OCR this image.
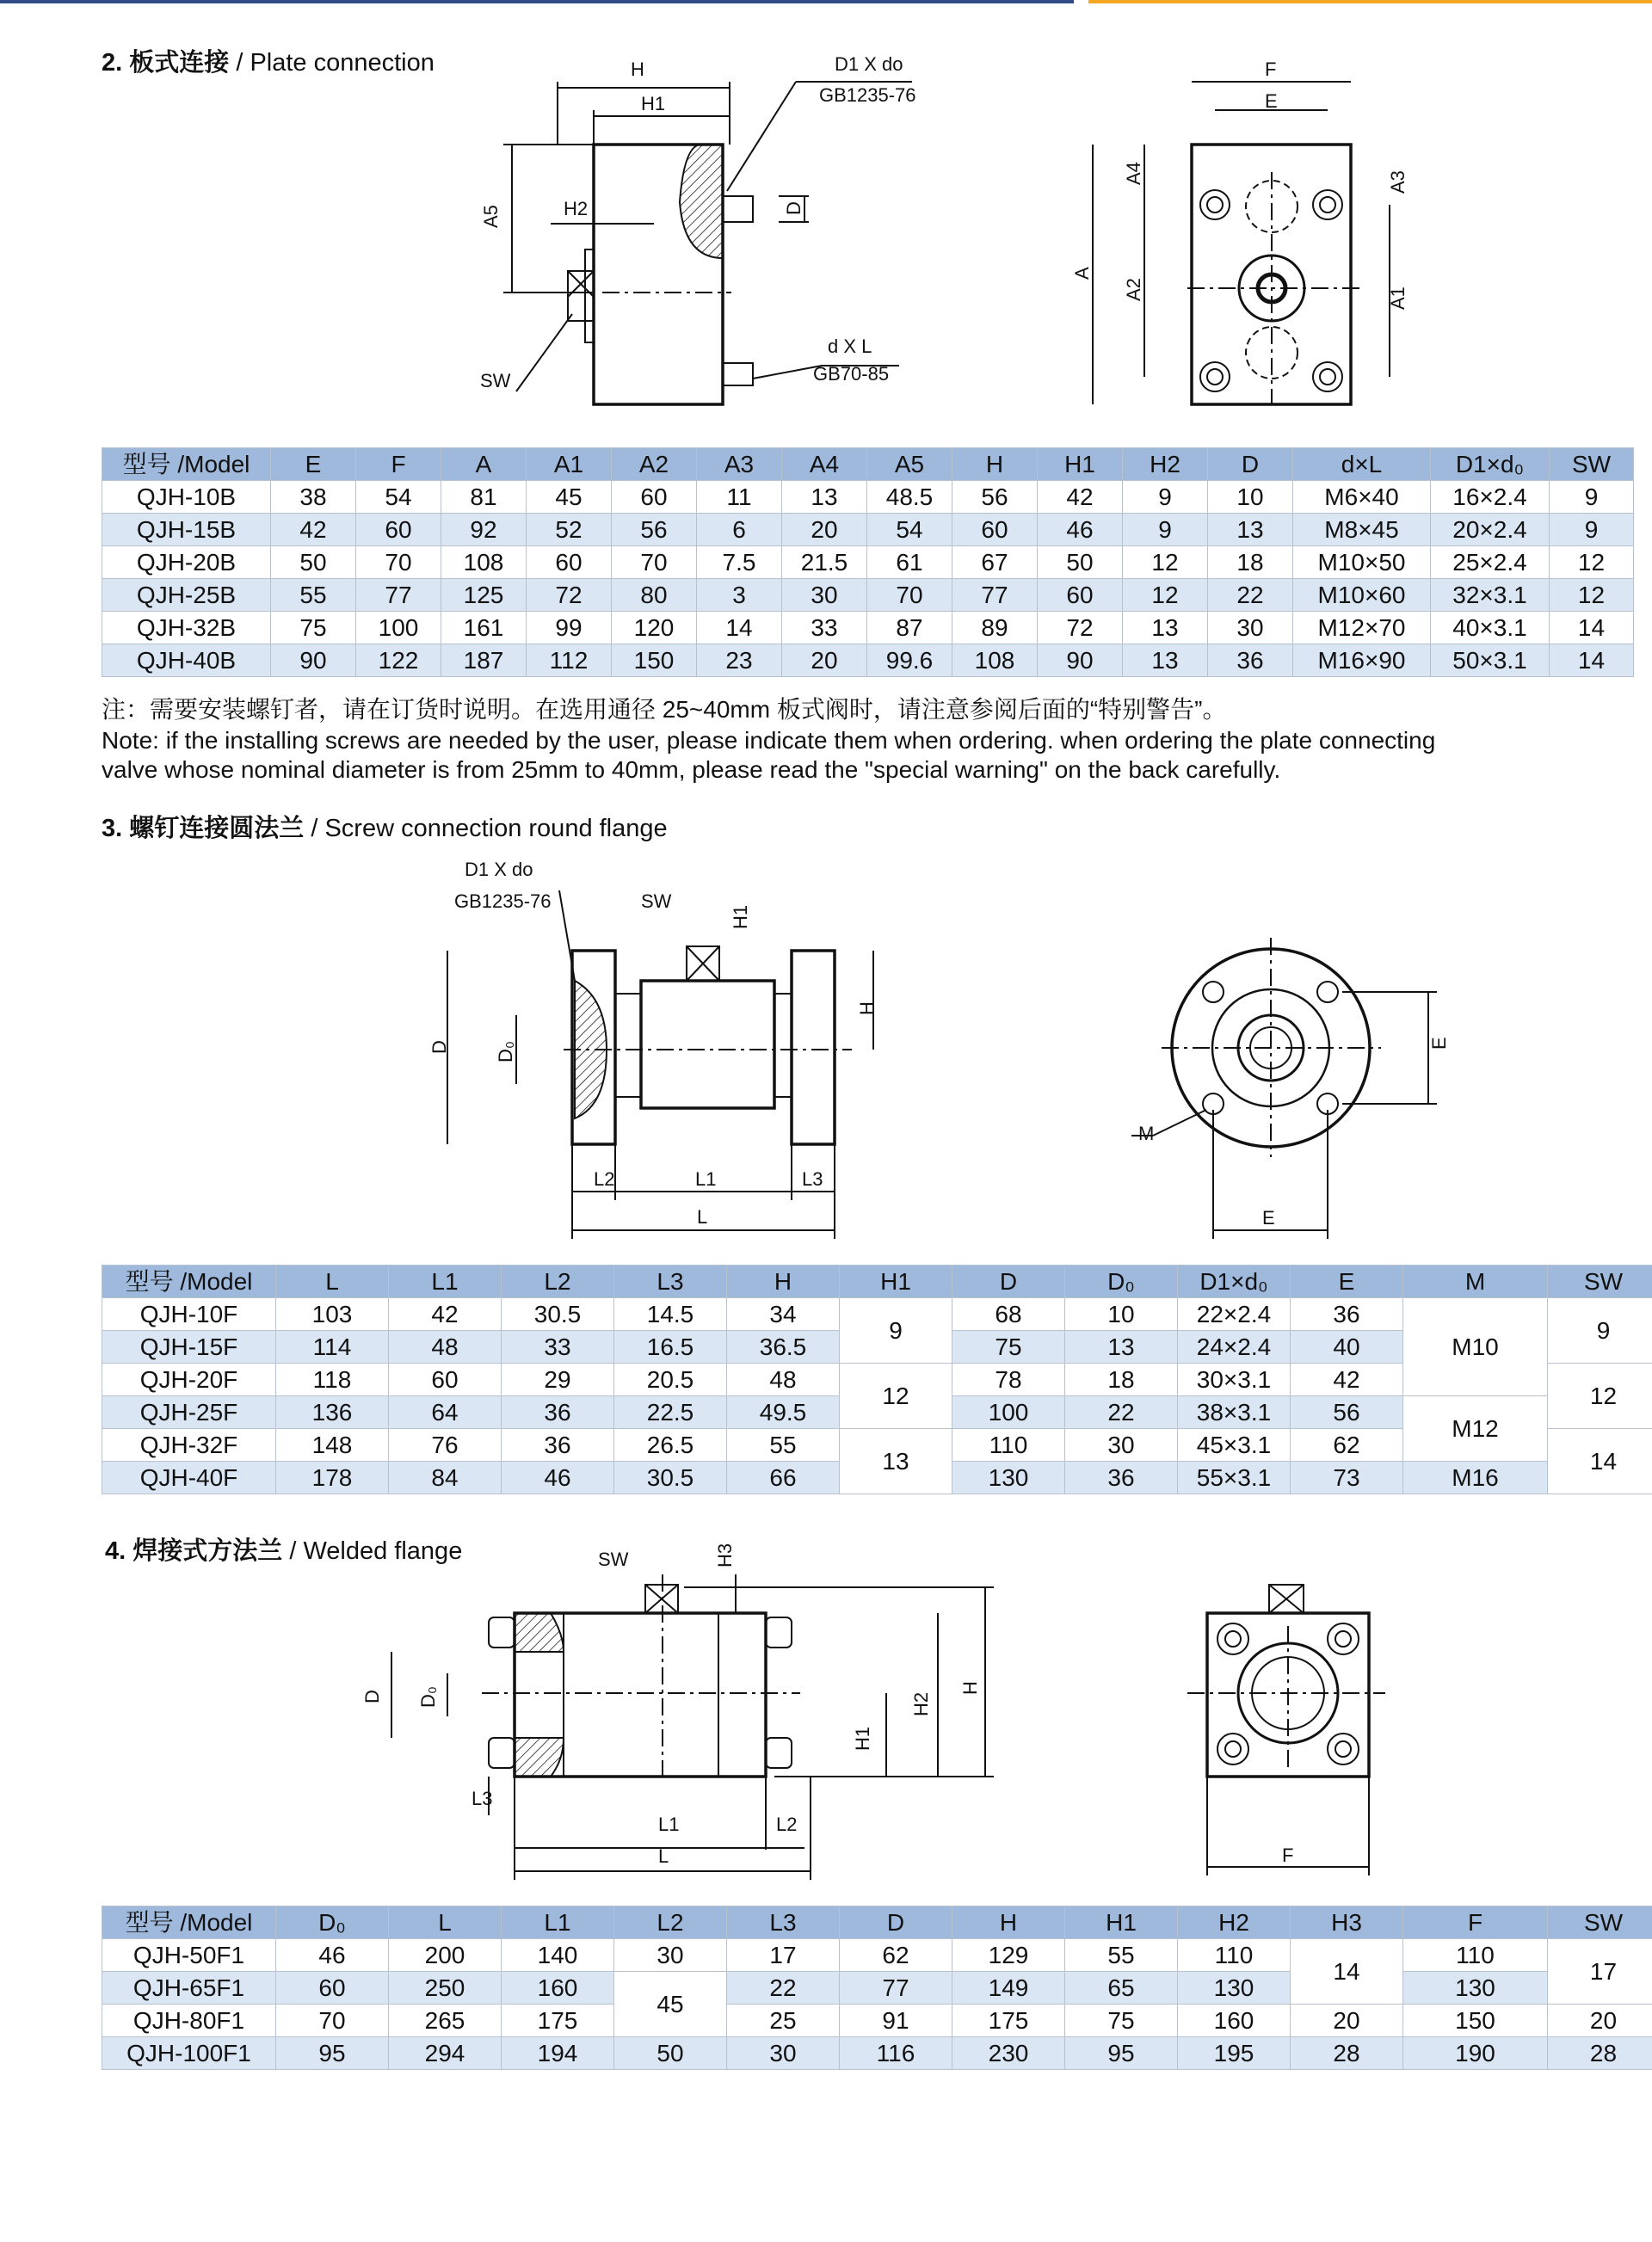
2. 板式连接 / Plate connection
3. 螺钉连接圆法兰 / Screw connection round flange
4. 焊接式方法兰 / Welded flange
H
H1
D1 X do
GB1235-76
A5	H2	D
SW
d X L
GB70-85
F
E
A
A4
A2
A3
A1
D1 X do
GB1235-76	SW
H1
H
D D₀
L2	L1	L3
L
M
E
E
SW	H3
D D₀
L3
L1	L2
L
H1
H2
H
F
型号 /Model	E	F	A	A1	A2	A3	A4	A5	H	H1	H2	D	d×L	D1×d₀	SW
QJH-10B	38	54	81	45	60	11	13	48.5	56	42	9	10	M6×40	16×2.4	9
QJH-15B	42	60	92	52	56	6	20	54	60	46	9	13	M8×45	20×2.4	9
QJH-20B	50	70	108	60	70	7.5	21.5	61	67	50	12	18	M10×50	25×2.4	12
QJH-25B	55	77	125	72	80	3	30	70	77	60	12	22	M10×60	32×3.1	12
QJH-32B	75	100	161	99	120	14	33	87	89	72	13	30	M12×70	40×3.1	14
QJH-40B	90	122	187	112	150	23	20	99.6	108	90	13	36	M16×90	50×3.1	14
注：需要安装螺钉者，请在订货时说明。在选用通径 25~40mm 板式阀时，请注意参阅后面的“特别警告”。
Note: if the installing screws are needed by the user, please indicate them when ordering. when ordering the plate connecting
valve whose nominal diameter is from 25mm to 40mm, please read the "special warning" on the back carefully.
型号 /Model	L	L1	L2	L3	H	H1	D	D₀	D1×d₀	E	M	SW
QJH-10F	103	42	30.5	14.5	34	9	68	10	22×2.4	36	M10	9
QJH-15F	114	48	33	16.5	36.5		75	13	24×2.4	40		
QJH-20F	118	60	29	20.5	48	12	78	18	30×3.1	42		12
QJH-25F	136	64	36	22.5	49.5		100	22	38×3.1	56	M12	
QJH-32F	148	76	36	26.5	55	13	110	30	45×3.1	62		14
QJH-40F	178	84	46	30.5	66		130	36	55×3.1	73	M16	
型号 /Model	D₀	L	L1	L2	L3	D	H	H1	H2	H3	F	SW
QJH-50F1	46	200	140	30	17	62	129	55	110	14	110	17
QJH-65F1	60	250	160	45	22	77	149	65	130		130	
QJH-80F1	70	265	175		25	91	175	75	160	20	150	20
QJH-100F1	95	294	194	50	30	116	230	95	195	28	190	28
